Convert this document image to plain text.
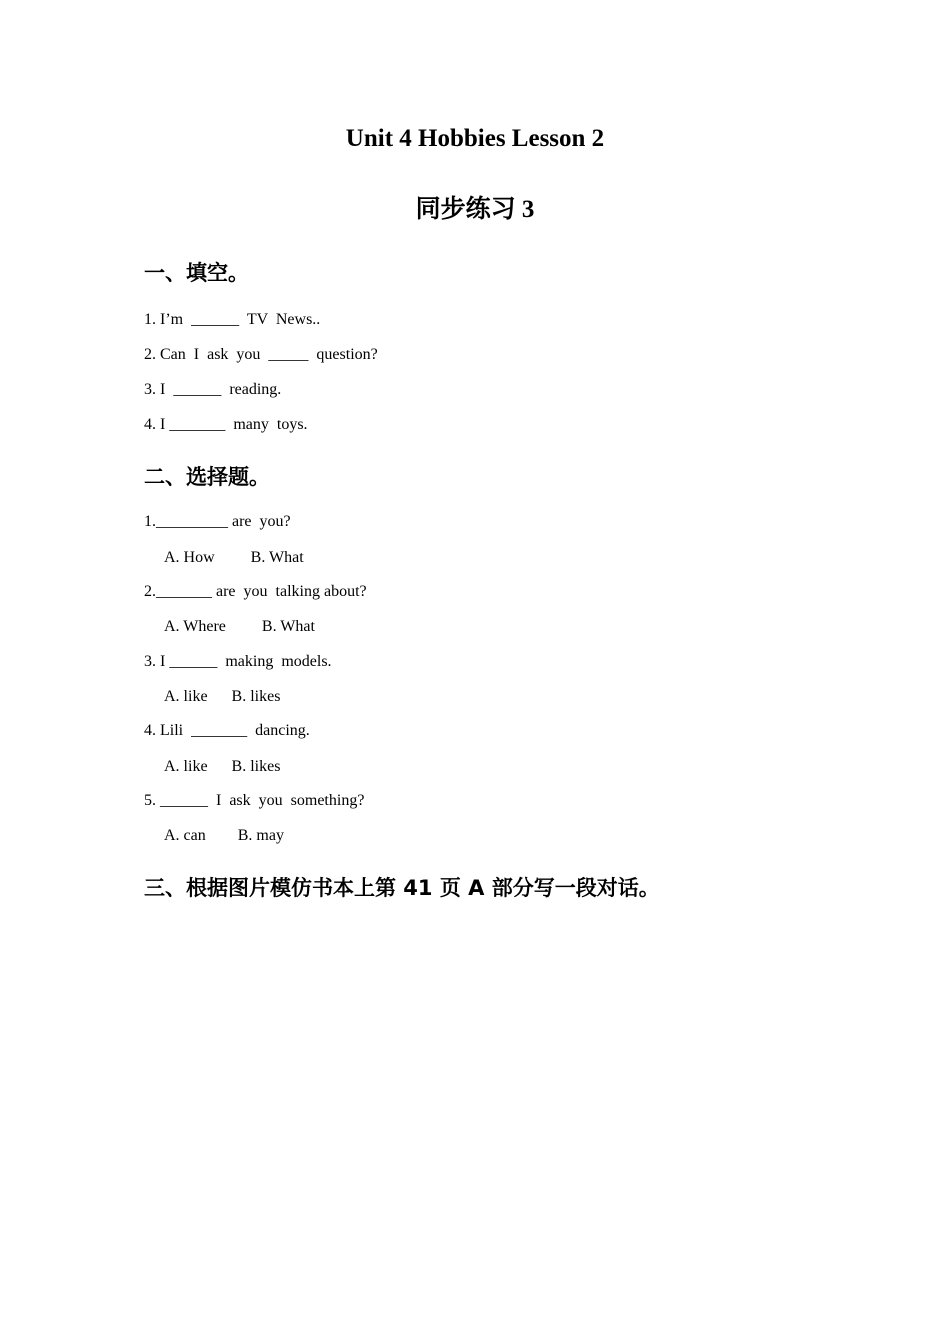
Unit 4 Hobbies Lesson 2
同步练习 3
一、填空。

1. I’m  ______  TV  News..

2. Can  I  ask  you  _____  question?

3. I  ______  reading.

4. I _______  many  toys.

二、选择题。

1._________ are  you?

A. How         B. What

2._______ are  you  talking about?

A. Where         B. What

3. I ______  making  models.

A. like      B. likes

4. Lili  _______  dancing.

A. like      B. likes

5. ______  I  ask  you  something?

A. can        B. may

三、根据图片模仿书本上第 41 页 A 部分写一段对话。
